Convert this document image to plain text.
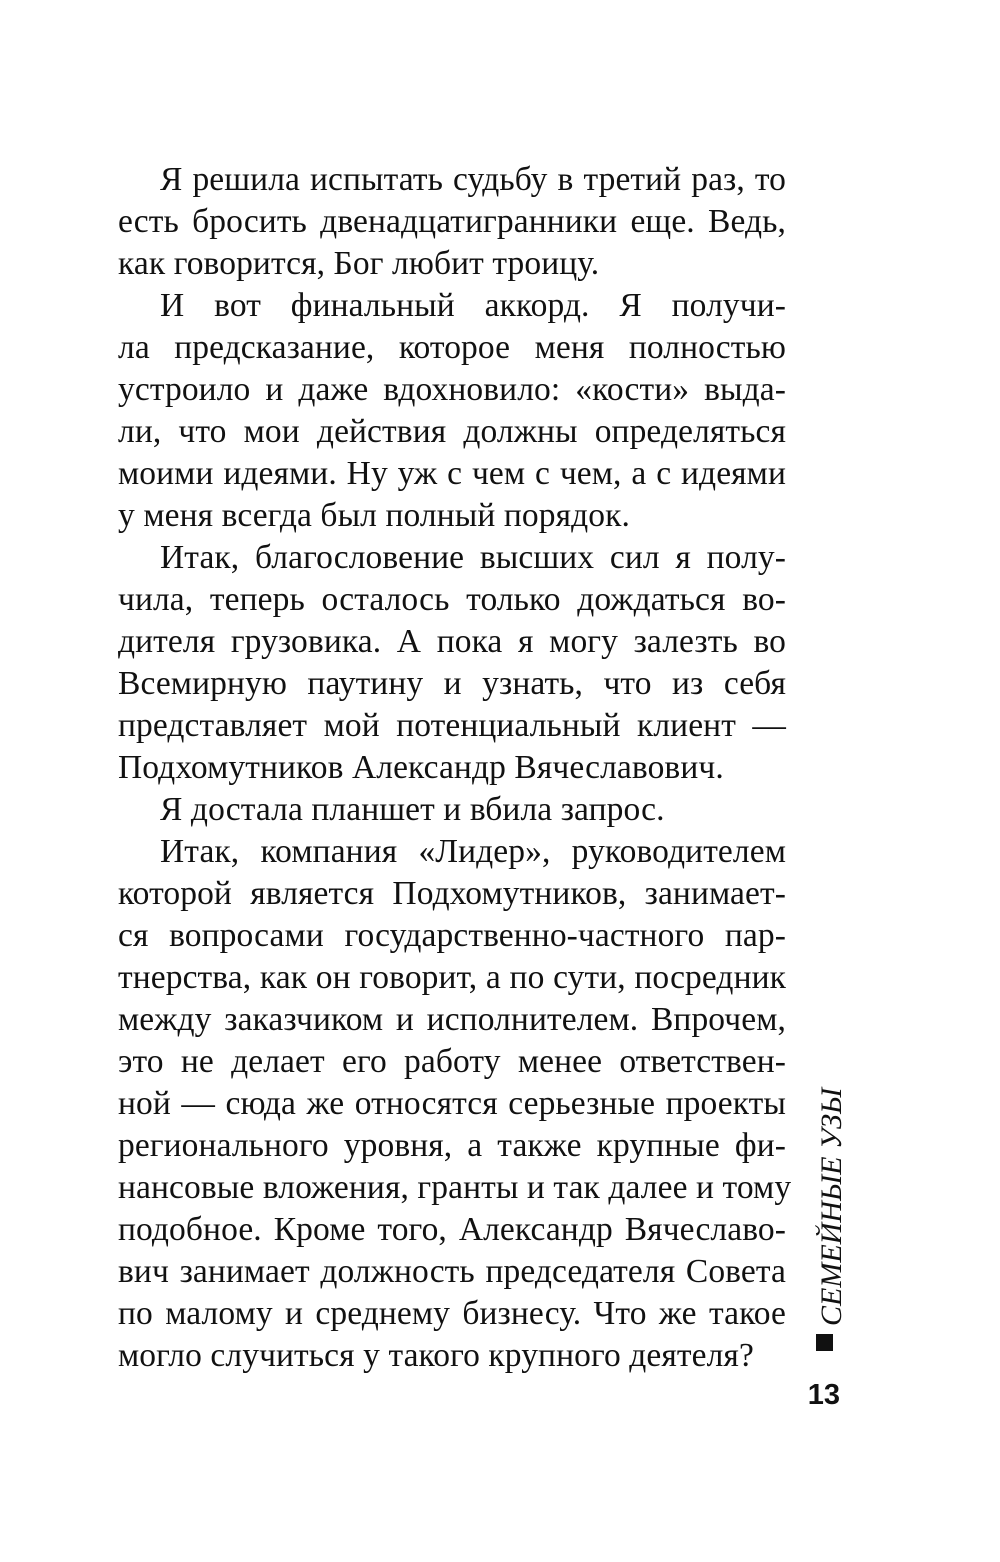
Я решила испытать судьбу в третий раз, то
есть бросить двенадцатигранники еще. Ведь,
как говорится, Бог любит троицу.
И вот финальный аккорд. Я получи-
ла предсказание, которое меня полностью
устроило и даже вдохновило: «кости» выда-
ли, что мои действия должны определяться
моими идеями. Ну уж с чем с чем, а с идеями
у меня всегда был полный порядок.
Итак, благословение высших сил я полу-
чила, теперь осталось только дождаться во-
дителя грузовика. А пока я могу залезть во
Всемирную паутину и узнать, что из себя
представляет мой потенциальный клиент —
Подхомутников Александр Вячеславович.
Я достала планшет и вбила запрос.
Итак, компания «Лидер», руководителем
которой является Подхомутников, занимает-
ся вопросами государственно-частного пар-
тнерства, как он говорит, а по сути, посредник
между заказчиком и исполнителем. Впрочем,
это не делает его работу менее ответствен-
ной — сюда же относятся серьезные проекты
регионального уровня, а также крупные фи-
нансовые вложения, гранты и так далее и тому
подобное. Кроме того, Александр Вячеславо-
вич занимает должность председателя Совета
по малому и среднему бизнесу. Что же такое
могло случиться у такого крупного деятеля?
СЕМЕЙНЫЕ УЗЫ
13
